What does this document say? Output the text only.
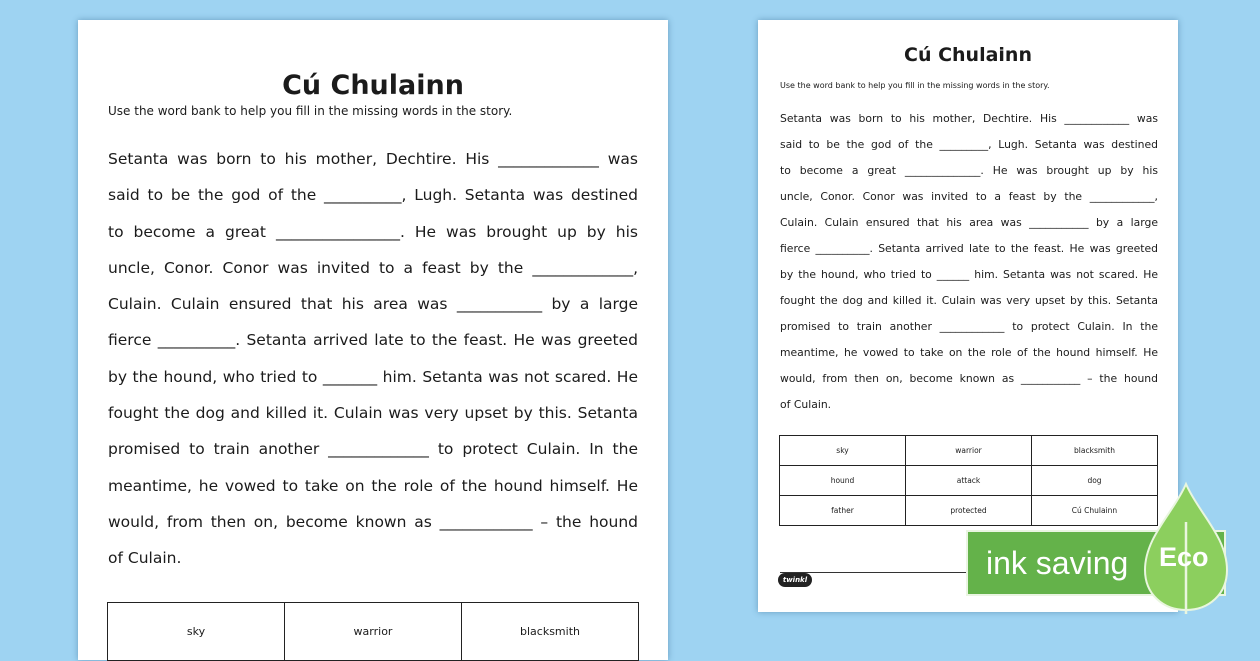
Cú Chulainn
Use the word bank to help you fill in the missing words in the story.
Setanta was born to his mother, Dechtire. His _____________ was
said to be the god of the __________, Lugh. Setanta was destined
to become a great ________________. He was brought up by his
uncle, Conor. Conor was invited to a feast by the _____________,
Culain. Culain ensured that his area was ___________ by a large
fierce __________. Setanta arrived late to the feast. He was greeted
by the hound, who tried to _______ him. Setanta was not scared. He
fought the dog and killed it. Culain was very upset by this. Setanta
promised to train another _____________ to protect Culain. In the
meantime, he vowed to take on the role of the hound himself. He
would, from then on, become known as ____________ – the hound
of Culain.
sky	warrior	blacksmith
Cú Chulainn
Use the word bank to help you fill in the missing words in the story.
Setanta was born to his mother, Dechtire. His ____________ was
said to be the god of the _________, Lugh. Setanta was destined
to become a great ______________. He was brought up by his
uncle, Conor. Conor was invited to a feast by the ____________,
Culain. Culain ensured that his area was ___________ by a large
fierce __________. Setanta arrived late to the feast. He was greeted
by the hound, who tried to ______ him. Setanta was not scared. He
fought the dog and killed it. Culain was very upset by this. Setanta
promised to train another ____________ to protect Culain. In the
meantime, he vowed to take on the role of the hound himself. He
would, from then on, become known as ___________ – the hound
of Culain.
sky	warrior	blacksmith
hound	attack	dog
father	protected	Cú Chulainn
twinkl	ink saving Eco
